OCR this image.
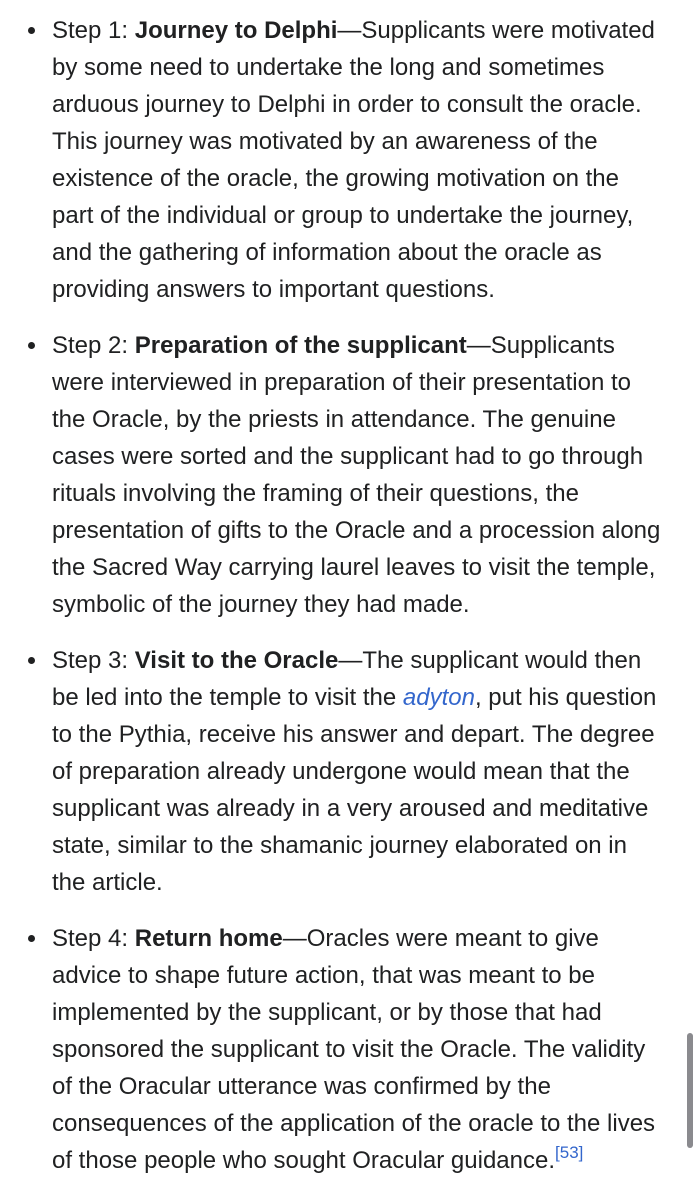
Step 1: Journey to Delphi—Supplicants were motivated by some need to undertake the long and sometimes arduous journey to Delphi in order to consult the oracle. This journey was motivated by an awareness of the existence of the oracle, the growing motivation on the part of the individual or group to undertake the journey, and the gathering of information about the oracle as providing answers to important questions.
Step 2: Preparation of the supplicant—Supplicants were interviewed in preparation of their presentation to the Oracle, by the priests in attendance. The genuine cases were sorted and the supplicant had to go through rituals involving the framing of their questions, the presentation of gifts to the Oracle and a procession along the Sacred Way carrying laurel leaves to visit the temple, symbolic of the journey they had made.
Step 3: Visit to the Oracle—The supplicant would then be led into the temple to visit the adyton, put his question to the Pythia, receive his answer and depart. The degree of preparation already undergone would mean that the supplicant was already in a very aroused and meditative state, similar to the shamanic journey elaborated on in the article.
Step 4: Return home—Oracles were meant to give advice to shape future action, that was meant to be implemented by the supplicant, or by those that had sponsored the supplicant to visit the Oracle. The validity of the Oracular utterance was confirmed by the consequences of the application of the oracle to the lives of those people who sought Oracular guidance.[53]
